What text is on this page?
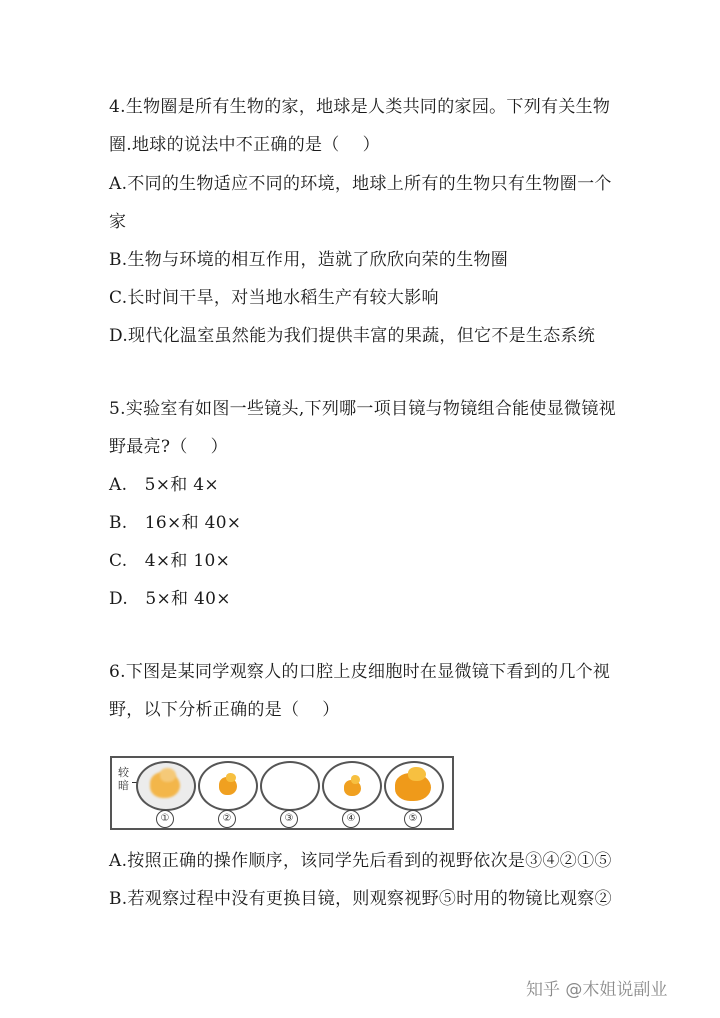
4.生物圈是所有生物的家，地球是人类共同的家园。下列有关生物
圈.地球的说法中不正确的是（　 ）
A.不同的生物适应不同的环境，地球上所有的生物只有生物圈一个
家
B.生物与环境的相互作用，造就了欣欣向荣的生物圈
C.长时间干旱，对当地水稻生产有较大影响
D.现代化温室虽然能为我们提供丰富的果蔬，但它不是生态系统
5.实验室有如图一些镜头,下列哪一项目镜与物镜组合能使显微镜视
野最亮?（　 ）
A.　5×和 4×
B.　16×和 40×
C.　4×和 10×
D.　5×和 40×
6.下图是某同学观察人的口腔上皮细胞时在显微镜下看到的几个视
野，以下分析正确的是（　 ）
较暗
①	②	③	④	⑤
A.按照正确的操作顺序，该同学先后看到的视野依次是③④②①⑤
B.若观察过程中没有更换目镜，则观察视野⑤时用的物镜比观察②
知乎 @木姐说副业
